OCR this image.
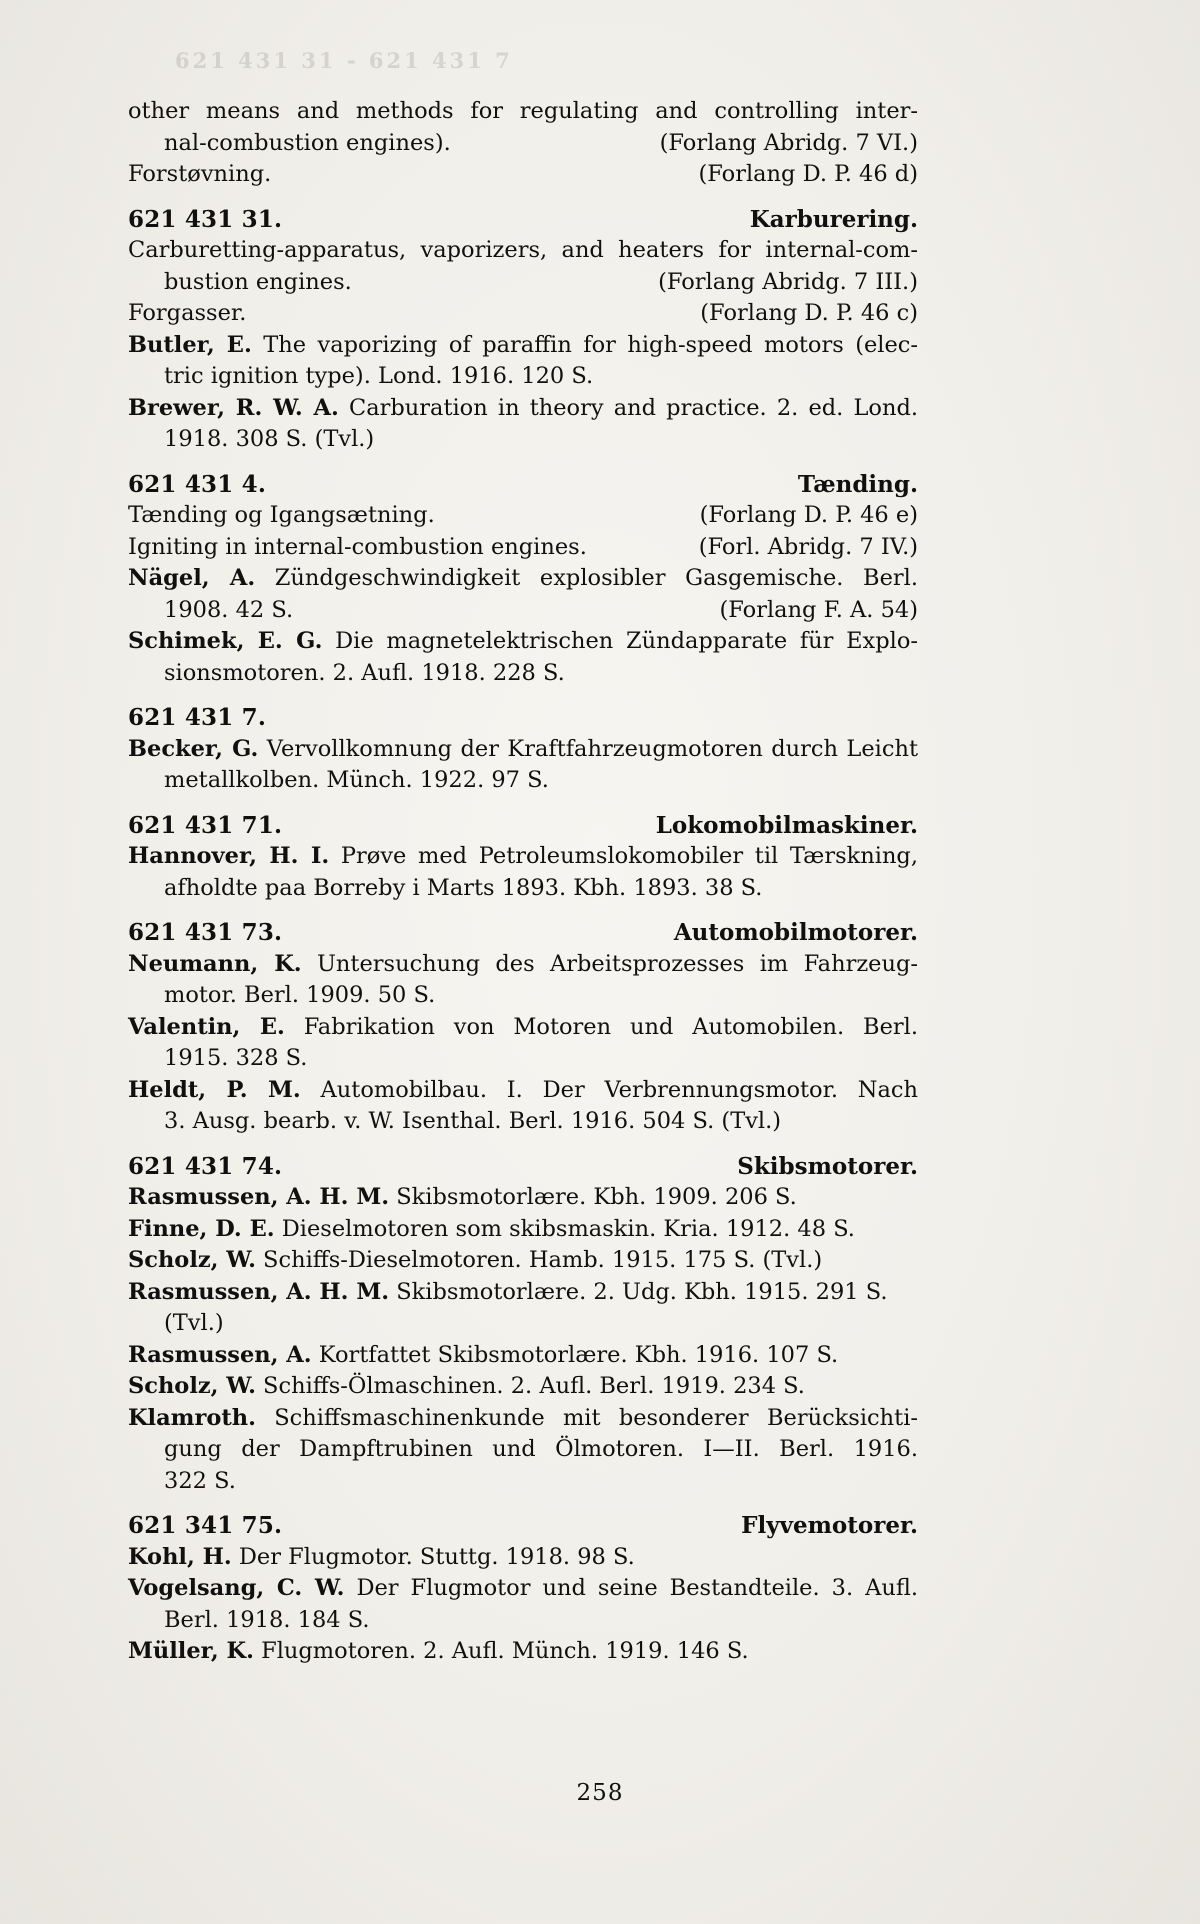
621 431 31 - 621 431 7
other means and methods for regulating and controlling inter-
nal-combustion engines).	(Forlang Abridg. 7 VI.)
Forstøvning.	(Forlang D. P. 46 d)
621 431 31.	Karburering.
Carburetting-apparatus, vaporizers, and heaters for internal-com-
bustion engines.	(Forlang Abridg. 7 III.)
Forgasser.	(Forlang D. P. 46 c)
Butler, E. The vaporizing of paraffin for high-speed motors (elec-
tric ignition type). Lond. 1916. 120 S.
Brewer, R. W. A. Carburation in theory and practice. 2. ed. Lond.
1918. 308 S. (Tvl.)
621 431 4.	Tænding.
Tænding og Igangsætning.	(Forlang D. P. 46 e)
Igniting in internal-combustion engines.	(Forl. Abridg. 7 IV.)
Nägel, A. Zündgeschwindigkeit explosibler Gasgemische. Berl.
1908. 42 S.	(Forlang F. A. 54)
Schimek, E. G. Die magnetelektrischen Zündapparate für Explo-
sionsmotoren. 2. Aufl. 1918. 228 S.
621 431 7.
Becker, G. Vervollkomnung der Kraftfahrzeugmotoren durch Leicht
metallkolben. Münch. 1922. 97 S.
621 431 71.	Lokomobilmaskiner.
Hannover, H. I. Prøve med Petroleumslokomobiler til Tærskning,
afholdte paa Borreby i Marts 1893. Kbh. 1893. 38 S.
621 431 73.	Automobilmotorer.
Neumann, K. Untersuchung des Arbeitsprozesses im Fahrzeug-
motor. Berl. 1909. 50 S.
Valentin, E. Fabrikation von Motoren und Automobilen. Berl.
1915. 328 S.
Heldt, P. M. Automobilbau. I. Der Verbrennungsmotor. Nach
3. Ausg. bearb. v. W. Isenthal. Berl. 1916. 504 S. (Tvl.)
621 431 74.	Skibsmotorer.
Rasmussen, A. H. M. Skibsmotorlære. Kbh. 1909. 206 S.
Finne, D. E. Dieselmotoren som skibsmaskin. Kria. 1912. 48 S.
Scholz, W. Schiffs-Dieselmotoren. Hamb. 1915. 175 S. (Tvl.)
Rasmussen, A. H. M. Skibsmotorlære. 2. Udg. Kbh. 1915. 291 S.
(Tvl.)
Rasmussen, A. Kortfattet Skibsmotorlære. Kbh. 1916. 107 S.
Scholz, W. Schiffs-Ölmaschinen. 2. Aufl. Berl. 1919. 234 S.
Klamroth. Schiffsmaschinenkunde mit besonderer Berücksichti-
gung der Dampftrubinen und Ölmotoren. I—II. Berl. 1916.
322 S.
621 341 75.	Flyvemotorer.
Kohl, H. Der Flugmotor. Stuttg. 1918. 98 S.
Vogelsang, C. W. Der Flugmotor und seine Bestandteile. 3. Aufl.
Berl. 1918. 184 S.
Müller, K. Flugmotoren. 2. Aufl. Münch. 1919. 146 S.
258
